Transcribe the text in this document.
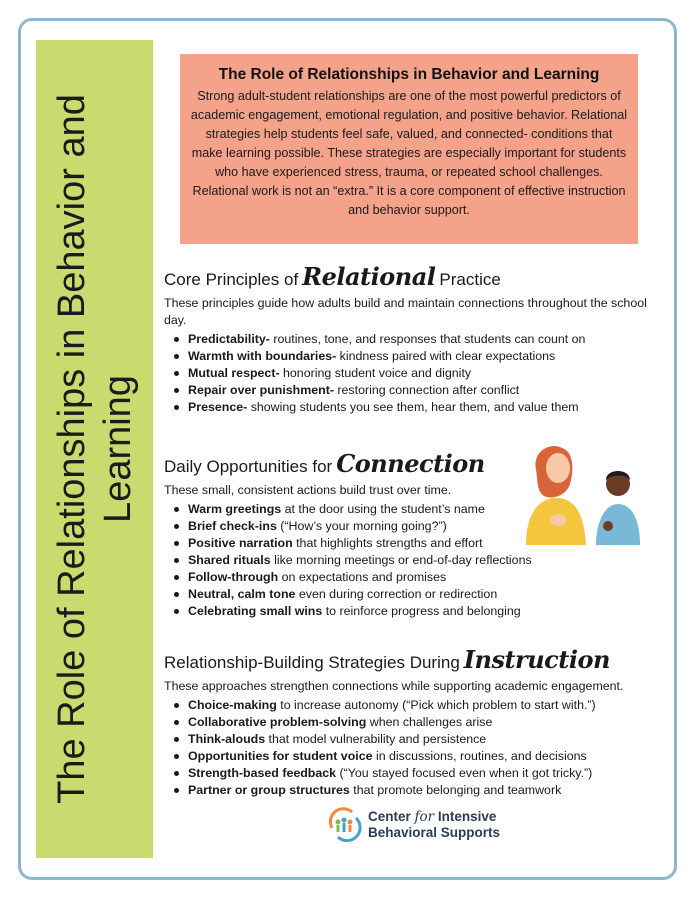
The Role of Relationships in Behavior and Learning
The Role of Relationships in Behavior and Learning
Strong adult-student relationships are one of the most powerful predictors of academic engagement, emotional regulation, and positive behavior. Relational strategies help students feel safe, valued, and connected- conditions that make learning possible. These strategies are especially important for students who have experienced stress, trauma, or repeated school challenges. Relational work is not an “extra.” It is a core component of effective instruction and behavior support.
Core Principles of Relational Practice
These principles guide how adults build and maintain connections throughout the school day.
Predictability- routines, tone, and responses that students can count on
Warmth with boundaries- kindness paired with clear expectations
Mutual respect- honoring student voice and dignity
Repair over punishment- restoring connection after conflict
Presence- showing students you see them, hear them, and value them
Daily Opportunities for Connection
These small, consistent actions build trust over time.
Warm greetings at the door using the student’s name
Brief check-ins (“How’s your morning going?”)
Positive narration that highlights strengths and effort
Shared rituals like morning meetings or end-of-day reflections
Follow-through on expectations and promises
Neutral, calm tone even during correction or redirection
Celebrating small wins to reinforce progress and belonging
Relationship-Building Strategies During Instruction
These approaches strengthen connections while supporting academic engagement.
Choice-making to increase autonomy (“Pick which problem to start with.”)
Collaborative problem-solving when challenges arise
Think-alouds that model vulnerability and persistence
Opportunities for student voice in discussions, routines, and decisions
Strength-based feedback (“You stayed focused even when it got tricky.”)
Partner or group structures that promote belonging and teamwork
Center for Intensive
Behavioral Supports
